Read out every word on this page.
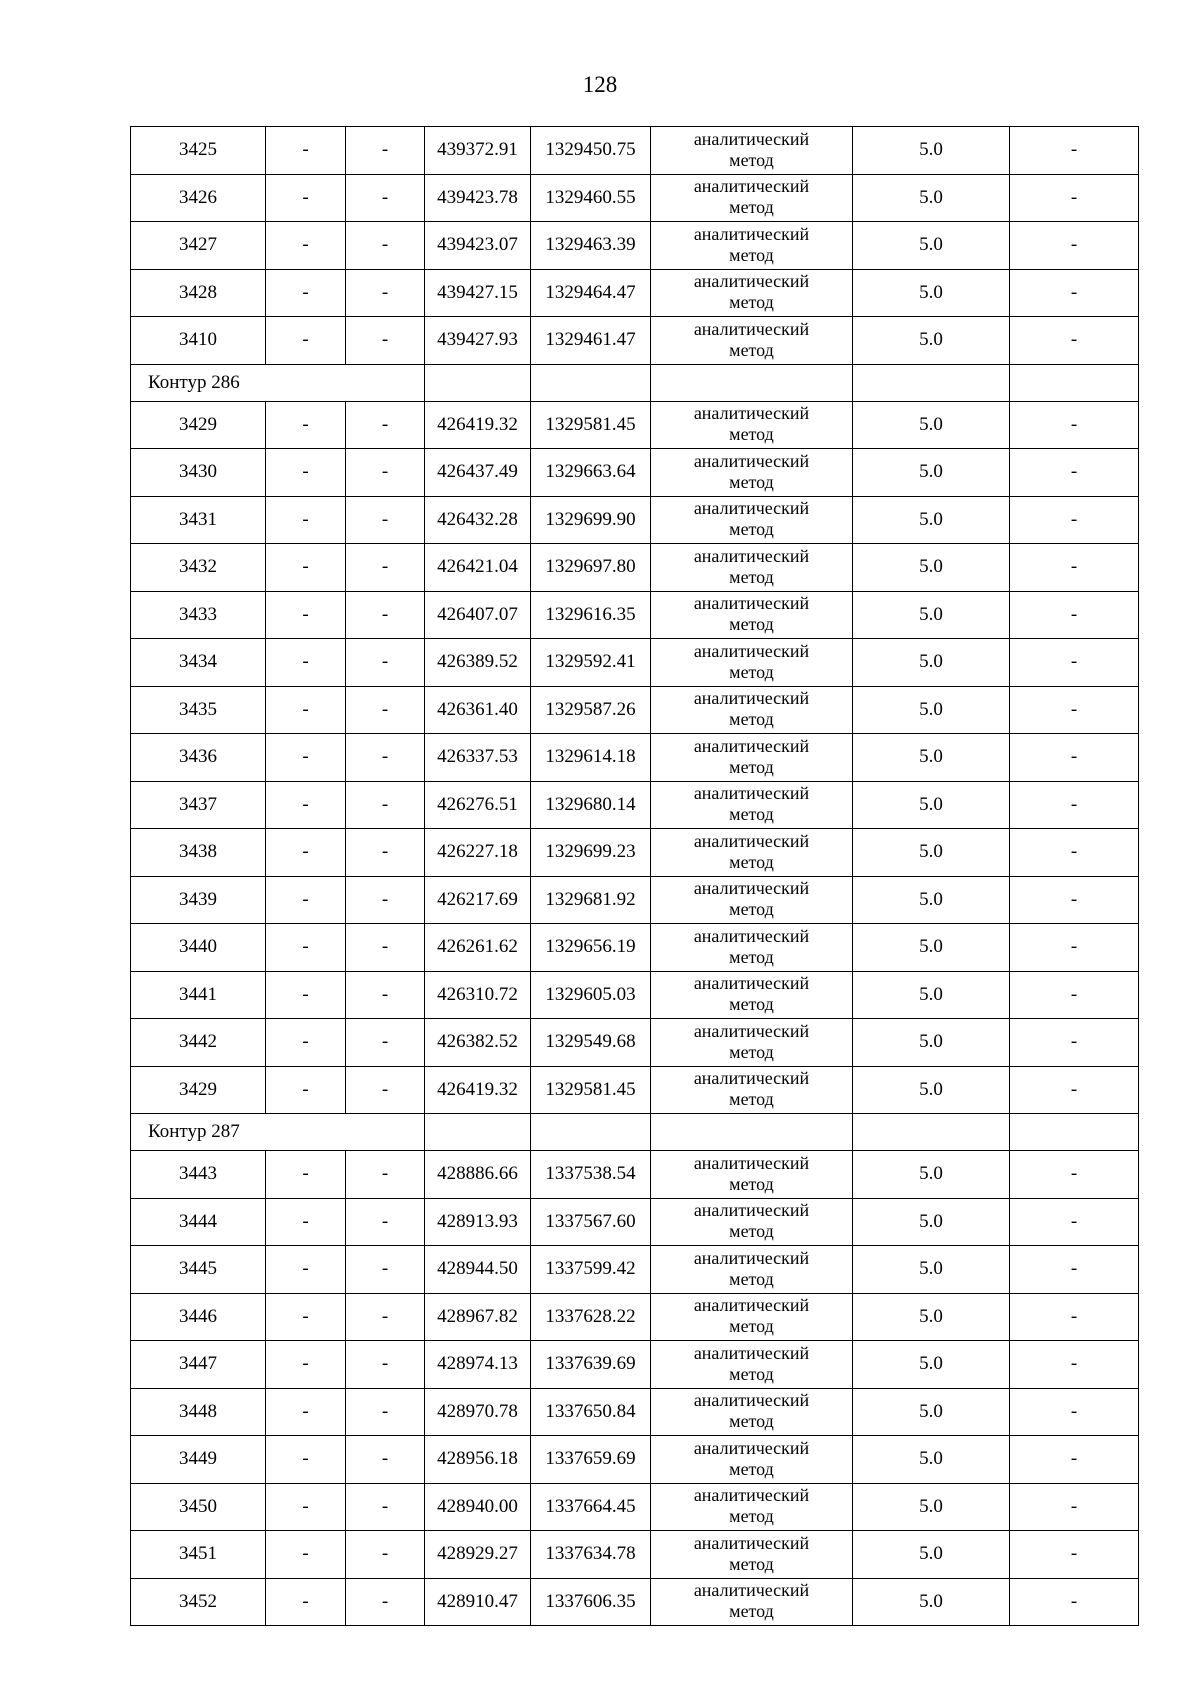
128
3425	-	-	439372.91	1329450.75	аналитический метод	5.0	-
3426	-	-	439423.78	1329460.55	аналитический метод	5.0	-
3427	-	-	439423.07	1329463.39	аналитический метод	5.0	-
3428	-	-	439427.15	1329464.47	аналитический метод	5.0	-
3410	-	-	439427.93	1329461.47	аналитический метод	5.0	-
Контур 286							
3429	-	-	426419.32	1329581.45	аналитический метод	5.0	-
3430	-	-	426437.49	1329663.64	аналитический метод	5.0	-
3431	-	-	426432.28	1329699.90	аналитический метод	5.0	-
3432	-	-	426421.04	1329697.80	аналитический метод	5.0	-
3433	-	-	426407.07	1329616.35	аналитический метод	5.0	-
3434	-	-	426389.52	1329592.41	аналитический метод	5.0	-
3435	-	-	426361.40	1329587.26	аналитический метод	5.0	-
3436	-	-	426337.53	1329614.18	аналитический метод	5.0	-
3437	-	-	426276.51	1329680.14	аналитический метод	5.0	-
3438	-	-	426227.18	1329699.23	аналитический метод	5.0	-
3439	-	-	426217.69	1329681.92	аналитический метод	5.0	-
3440	-	-	426261.62	1329656.19	аналитический метод	5.0	-
3441	-	-	426310.72	1329605.03	аналитический метод	5.0	-
3442	-	-	426382.52	1329549.68	аналитический метод	5.0	-
3429	-	-	426419.32	1329581.45	аналитический метод	5.0	-
Контур 287							
3443	-	-	428886.66	1337538.54	аналитический метод	5.0	-
3444	-	-	428913.93	1337567.60	аналитический метод	5.0	-
3445	-	-	428944.50	1337599.42	аналитический метод	5.0	-
3446	-	-	428967.82	1337628.22	аналитический метод	5.0	-
3447	-	-	428974.13	1337639.69	аналитический метод	5.0	-
3448	-	-	428970.78	1337650.84	аналитический метод	5.0	-
3449	-	-	428956.18	1337659.69	аналитический метод	5.0	-
3450	-	-	428940.00	1337664.45	аналитический метод	5.0	-
3451	-	-	428929.27	1337634.78	аналитический метод	5.0	-
3452	-	-	428910.47	1337606.35	аналитический метод	5.0	-
